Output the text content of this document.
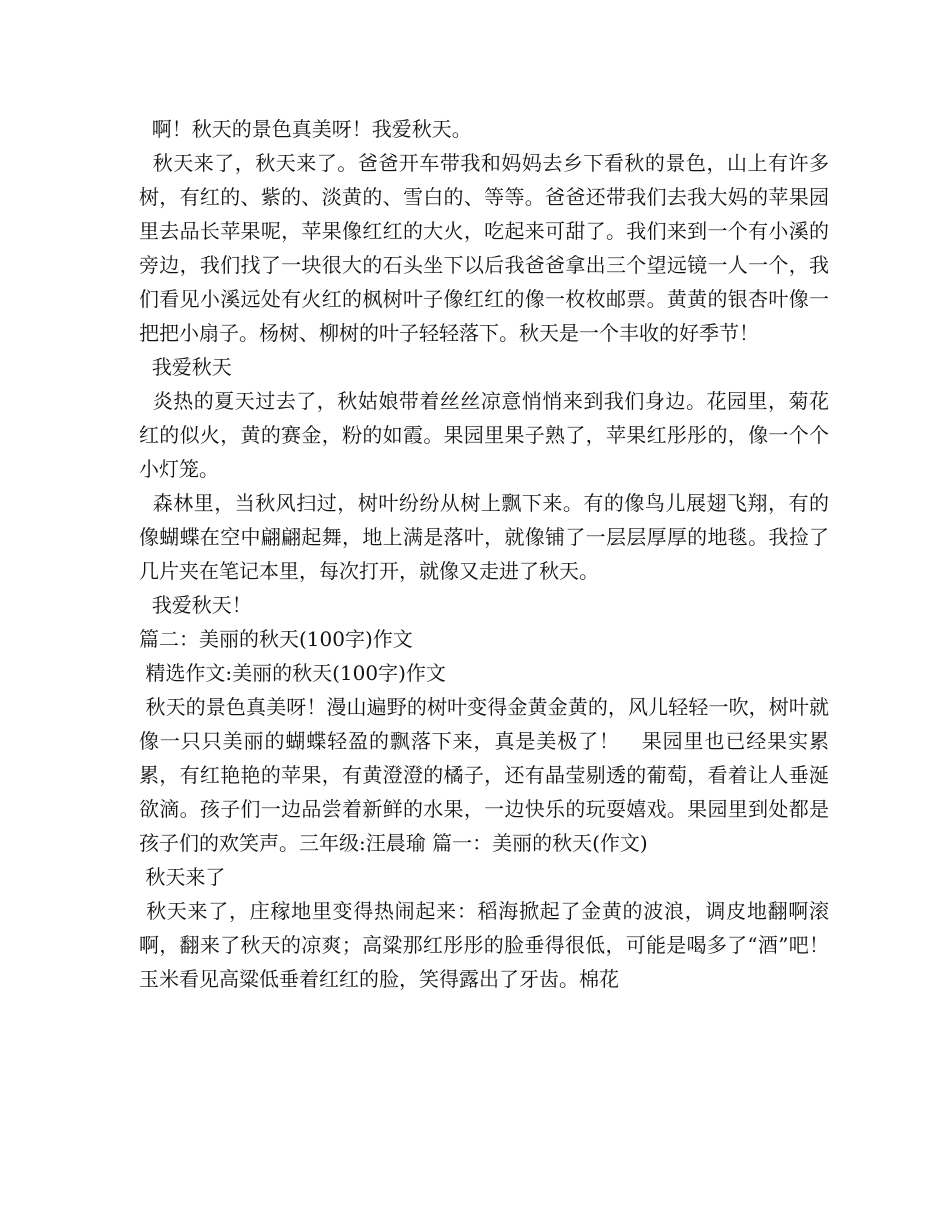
啊！秋天的景色真美呀！我爱秋天。

秋天来了，秋天来了。爸爸开车带我和妈妈去乡下看秋的景色，山上有许多树，有红的、紫的、淡黄的、雪白的、等等。爸爸还带我们去我大妈的苹果园里去品长苹果呢，苹果像红红的大火，吃起来可甜了。我们来到一个有小溪的旁边，我们找了一块很大的石头坐下以后我爸爸拿出三个望远镜一人一个，我们看见小溪远处有火红的枫树叶子像红红的像一枚枚邮票。黄黄的银杏叶像一把把小扇子。杨树、柳树的叶子轻轻落下。秋天是一个丰收的好季节！

我爱秋天

炎热的夏天过去了，秋姑娘带着丝丝凉意悄悄来到我们身边。花园里，菊花红的似火，黄的赛金，粉的如霞。果园里果子熟了，苹果红彤彤的，像一个个小灯笼。

森林里，当秋风扫过，树叶纷纷从树上飘下来。有的像鸟儿展翅飞翔，有的像蝴蝶在空中翩翩起舞，地上满是落叶，就像铺了一层层厚厚的地毯。我捡了几片夹在笔记本里，每次打开，就像又走进了秋天。

我爱秋天！

篇二：美丽的秋天(100字)作文

精选作文:美丽的秋天(100字)作文

秋天的景色真美呀！漫山遍野的树叶变得金黄金黄的，风儿轻轻一吹，树叶就像一只只美丽的蝴蝶轻盈的飘落下来，真是美极了！   果园里也已经果实累累，有红艳艳的苹果，有黄澄澄的橘子，还有晶莹剔透的葡萄，看着让人垂涎欲滴。孩子们一边品尝着新鲜的水果，一边快乐的玩耍嬉戏。果园里到处都是孩子们的欢笑声。三年级:汪晨瑜 篇一：美丽的秋天(作文)

秋天来了

秋天来了，庄稼地里变得热闹起来：稻海掀起了金黄的波浪，调皮地翻啊滚啊，翻来了秋天的凉爽；高粱那红彤彤的脸垂得很低，可能是喝多了“酒”吧！玉米看见高粱低垂着红红的脸，笑得露出了牙齿。棉花
